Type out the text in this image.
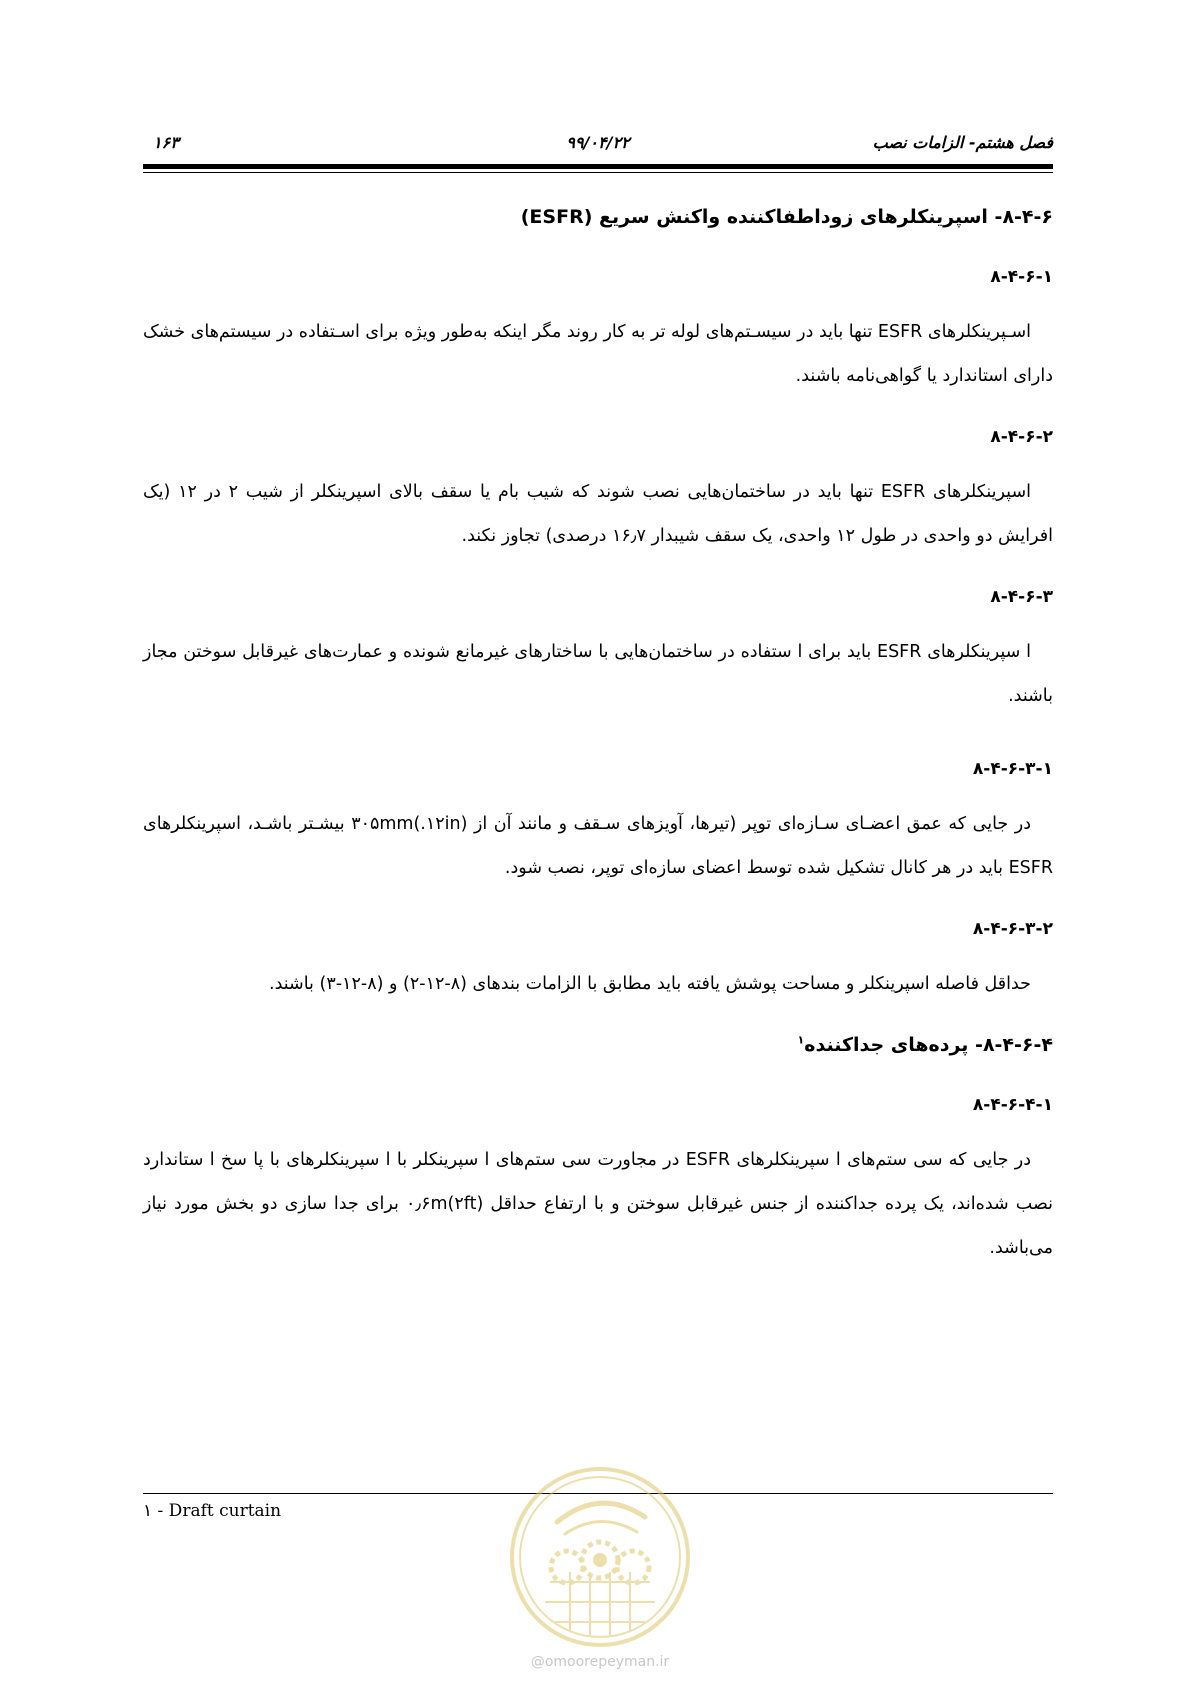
فصل هشتم- الزامات نصب
۹۹/۰۴/۲۲
۱۶۳
۸-۴-۶- اسپرینکلرهای زوداطفاکننده واکنش سریع (ESFR)
۸-۴-۶-۱
اسـپرینکلرهای ESFR تنها باید در سیسـتم‌های لوله تر به کار روند مگر اینکه به‌طور ویژه برای اسـتفاده در سیستم‌های خشک دارای استاندارد یا گواهی‌نامه باشند.
۸-۴-۶-۲
اسپرینکلرهای ESFR تنها باید در ساختمان‌هایی نصب شوند که شیب بام یا سقف بالای اسپرینکلر از شیب ۲ در ۱۲ (یک افرایش دو واحدی در طول ۱۲ واحدی، یک سقف شیبدار ۱۶٫۷ درصدی) تجاوز نکند.
۸-۴-۶-۳
ا سپرینکلرهای ESFR باید برای ا ستفاده در ساختمان‌هایی با ساختارهای غیرمانع شونده و عمارت‌های غیرقابل سوختن مجاز باشند.
۸-۴-۶-۳-۱
در جایی که عمق اعضـای سـازه‌ای توپر (تیرها، آویزهای سـقف و مانند آن از ۳۰۵mm(.۱۲in) بیشـتر باشـد، اسپرینکلرهای ESFR باید در هر کانال تشکیل شده توسط اعضای سازه‌ای توپر، نصب شود.
۸-۴-۶-۳-۲
حداقل فاصله اسپرینکلر و مساحت پوشش یافته باید مطابق با الزامات بندهای (۸-۱۲-۲) و (۸-۱۲-۳) باشند.
۸-۴-۶-۴- پرده‌های جداکننده$^۱$
۸-۴-۶-۴-۱
در جایی که سی ستم‌های ا سپرینکلرهای ESFR در مجاورت سی ستم‌های ا سپرینکلر با ا سپرینکلرهای با پا سخ ا ستاندارد نصب شده‌اند، یک پرده جداکننده از جنس غیرقابل سوختن و با ارتفاع حداقل ۰٫۶m(۲ft) برای جدا سازی دو بخش مورد نیاز می‌باشد.
۱ - Draft curtain
@omoorepeyman.ir
